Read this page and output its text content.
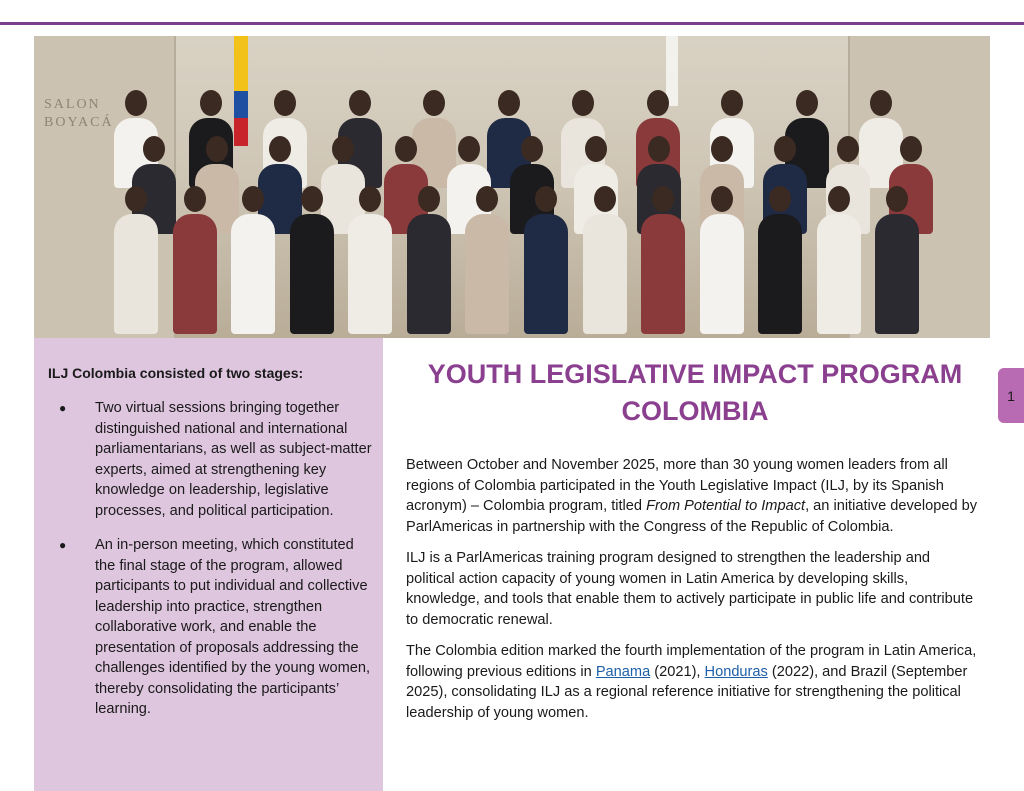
SALON
BOYACÁ

ILJ Colombia consisted of two stages:

● Two virtual sessions bringing together distinguished national and international parliamentarians, as well as subject-matter experts, aimed at strengthening key knowledge on leadership, legislative processes, and political participation.
● An in-person meeting, which constituted the final stage of the program, allowed participants to put individual and collective leadership into practice, strengthen collaborative work, and enable the presentation of proposals addressing the challenges identified by the young women, thereby consolidating the participants’ learning.
YOUTH LEGISLATIVE IMPACT PROGRAM COLOMBIA

Between October and November 2025, more than 30 young women leaders from all regions of Colombia participated in the Youth Legislative Impact (ILJ, by its Spanish acronym) – Colombia program, titled From Potential to Impact, an initiative developed by ParlAmericas in partnership with the Congress of the Republic of Colombia.

ILJ is a ParlAmericas training program designed to strengthen the leadership and political action capacity of young women in Latin America by developing skills, knowledge, and tools that enable them to actively participate in public life and contribute to democratic renewal.

The Colombia edition marked the fourth implementation of the program in Latin America, following previous editions in Panama (2021), Honduras (2022), and Brazil (September 2025), consolidating ILJ as a regional reference initiative for strengthening the political leadership of young women.

1
